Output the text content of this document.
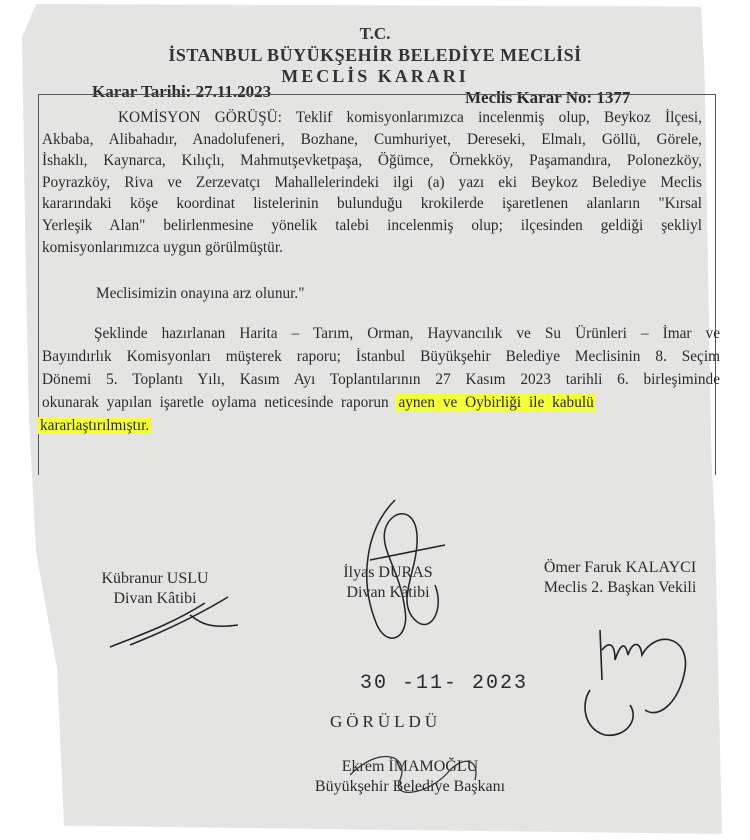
T.C.
İSTANBUL BÜYÜKŞEHİR BELEDİYE MECLİSİ
MECLİS KARARI
Karar Tarihi: 27.11.2023	Meclis Karar No: 1377
KOMİSYON GÖRÜŞÜ: Teklif komisyonlarımızca incelenmiş olup, Beykoz İlçesi,
Akbaba, Alibahadır, Anadolufeneri, Bozhane, Cumhuriyet, Dereseki, Elmalı, Göllü, Görele,
İshaklı, Kaynarca, Kılıçlı, Mahmutşevketpaşa, Öğümce, Örnekköy, Paşamandıra, Polonezköy,
Poyrazköy, Riva ve Zerzevatçı Mahallelerindeki ilgi (a) yazı eki Beykoz Belediye Meclis
kararındaki köşe koordinat listelerinin bulunduğu krokilerde işaretlenen alanların "Kırsal
Yerleşik Alan" belirlenmesine yönelik talebi incelenmiş olup; ilçesinden geldiği şekliyl
komisyonlarımızca uygun görülmüştür.
Meclisimizin onayına arz olunur."
Şeklinde hazırlanan Harita – Tarım, Orman, Hayvancılık ve Su Ürünleri – İmar ve
Bayındırlık Komisyonları müşterek raporu; İstanbul Büyükşehir Belediye Meclisinin 8. Seçim
Dönemi 5. Toplantı Yılı, Kasım Ayı Toplantılarının 27 Kasım 2023 tarihli 6. birleşiminde
okunarak yapılan işaretle oylama neticesinde raporun aynen ve Oybirliği ile kabulü
kararlaştırılmıştır.
Kübranur USLU
Divan Kâtibi
İlyas DURAS
Divan Kâtibi
Ömer Faruk KALAYCI
Meclis 2. Başkan Vekili
30 -11- 2023
GÖRÜLDÜ
Ekrem İMAMOĞLU
Büyükşehir Belediye Başkanı
